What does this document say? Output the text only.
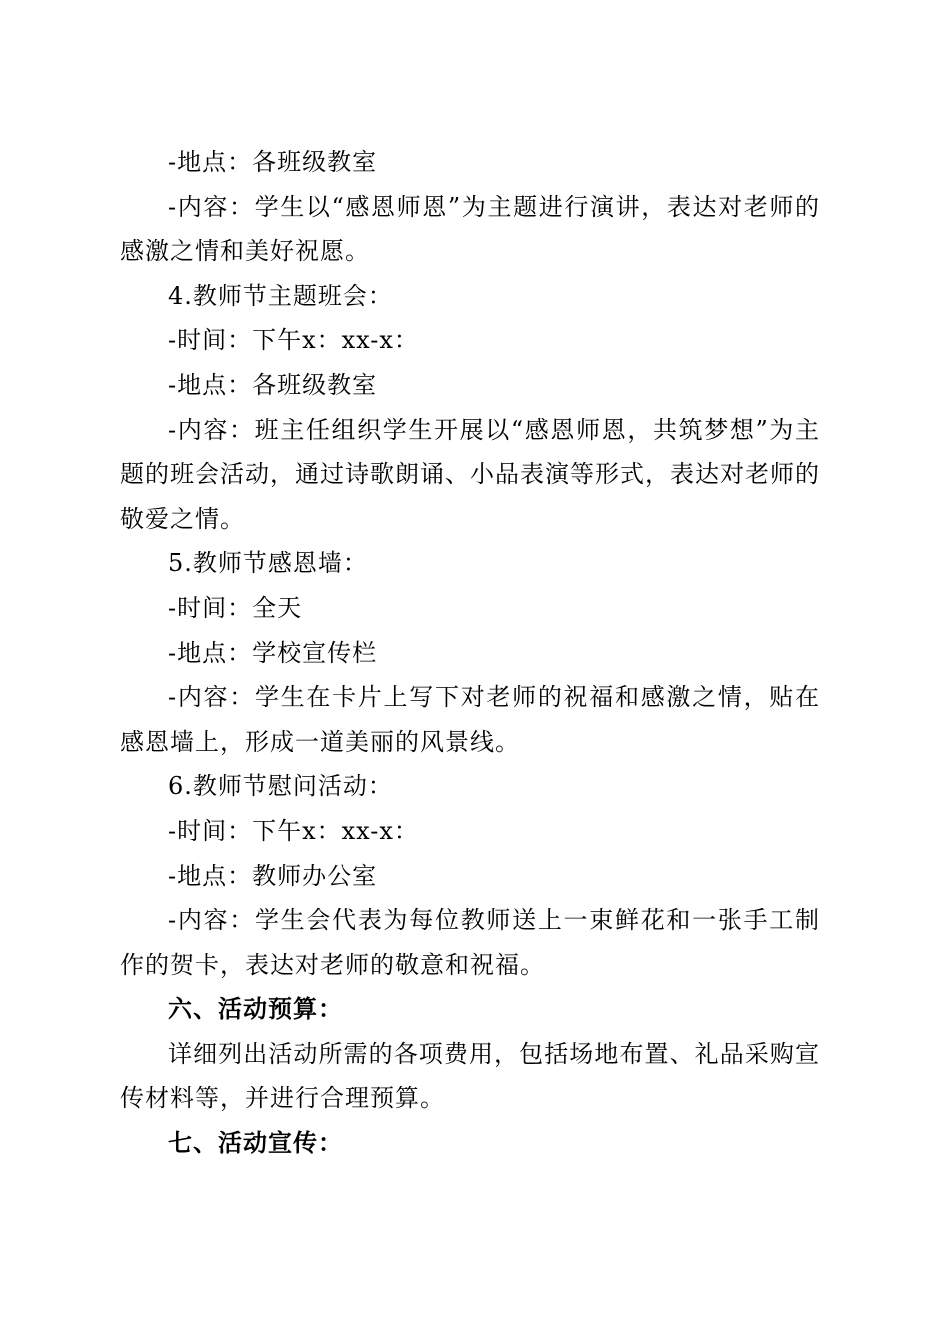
-地点：各班级教室
-内容：学生以“感恩师恩”为主题进行演讲，表达对老师的感激之情和美好祝愿。
4.教师节主题班会：
-时间：下午x：xx-x：
-地点：各班级教室
-内容：班主任组织学生开展以“感恩师恩，共筑梦想”为主题的班会活动，通过诗歌朗诵、小品表演等形式，表达对老师的敬爱之情。
5.教师节感恩墙：
-时间：全天
-地点：学校宣传栏
-内容：学生在卡片上写下对老师的祝福和感激之情，贴在感恩墙上，形成一道美丽的风景线。
6.教师节慰问活动：
-时间：下午x：xx-x：
-地点：教师办公室
-内容：学生会代表为每位教师送上一束鲜花和一张手工制作的贺卡，表达对老师的敬意和祝福。
六、活动预算：
详细列出活动所需的各项费用，包括场地布置、礼品采购宣传材料等，并进行合理预算。
七、活动宣传：
